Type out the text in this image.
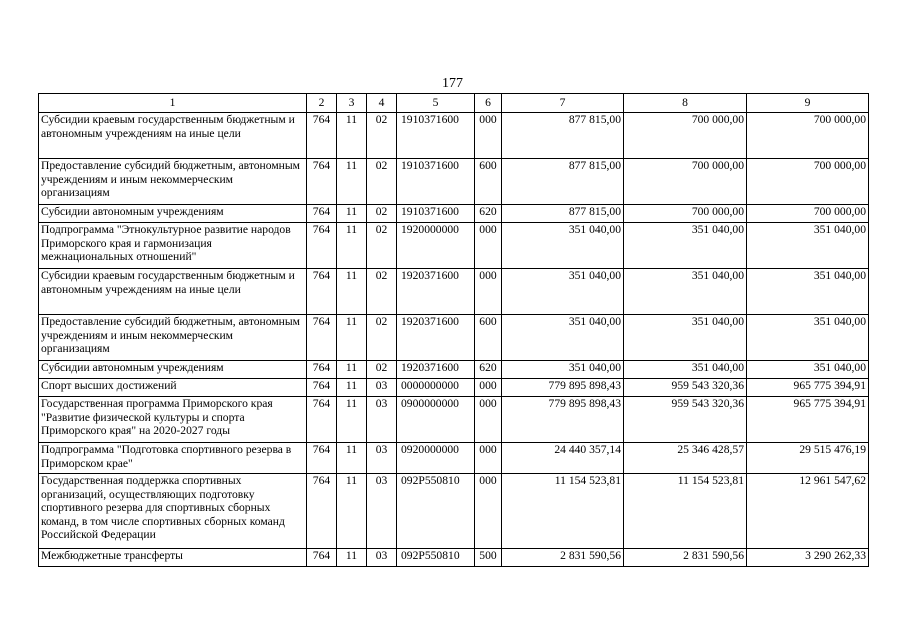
177
1	2	3	4	5	6	7	8	9
Субсидии краевым государственным бюджетным и автономным учреждениям на иные цели	764	11	02	1910371600	000	877 815,00	700 000,00	700 000,00
Предоставление субсидий бюджетным, автономным учреждениям и иным некоммерческим организациям	764	11	02	1910371600	600	877 815,00	700 000,00	700 000,00
Субсидии автономным учреждениям	764	11	02	1910371600	620	877 815,00	700 000,00	700 000,00
Подпрограмма "Этнокультурное развитие народов Приморского края и гармонизация межнациональных отношений"	764	11	02	1920000000	000	351 040,00	351 040,00	351 040,00
Субсидии краевым государственным бюджетным и автономным учреждениям на иные цели	764	11	02	1920371600	000	351 040,00	351 040,00	351 040,00
Предоставление субсидий бюджетным, автономным учреждениям и иным некоммерческим организациям	764	11	02	1920371600	600	351 040,00	351 040,00	351 040,00
Субсидии автономным учреждениям	764	11	02	1920371600	620	351 040,00	351 040,00	351 040,00
Спорт высших достижений	764	11	03	0000000000	000	779 895 898,43	959 543 320,36	965 775 394,91
Государственная программа Приморского края "Развитие физической культуры и спорта Приморского края" на 2020-2027 годы	764	11	03	0900000000	000	779 895 898,43	959 543 320,36	965 775 394,91
Подпрограмма "Подготовка спортивного резерва в Приморском крае"	764	11	03	0920000000	000	24 440 357,14	25 346 428,57	29 515 476,19
Государственная поддержка спортивных организаций, осуществляющих подготовку спортивного резерва для спортивных сборных команд, в том числе спортивных сборных команд Российской Федерации	764	11	03	092P550810	000	11 154 523,81	11 154 523,81	12 961 547,62
Межбюджетные трансферты	764	11	03	092P550810	500	2 831 590,56	2 831 590,56	3 290 262,33
